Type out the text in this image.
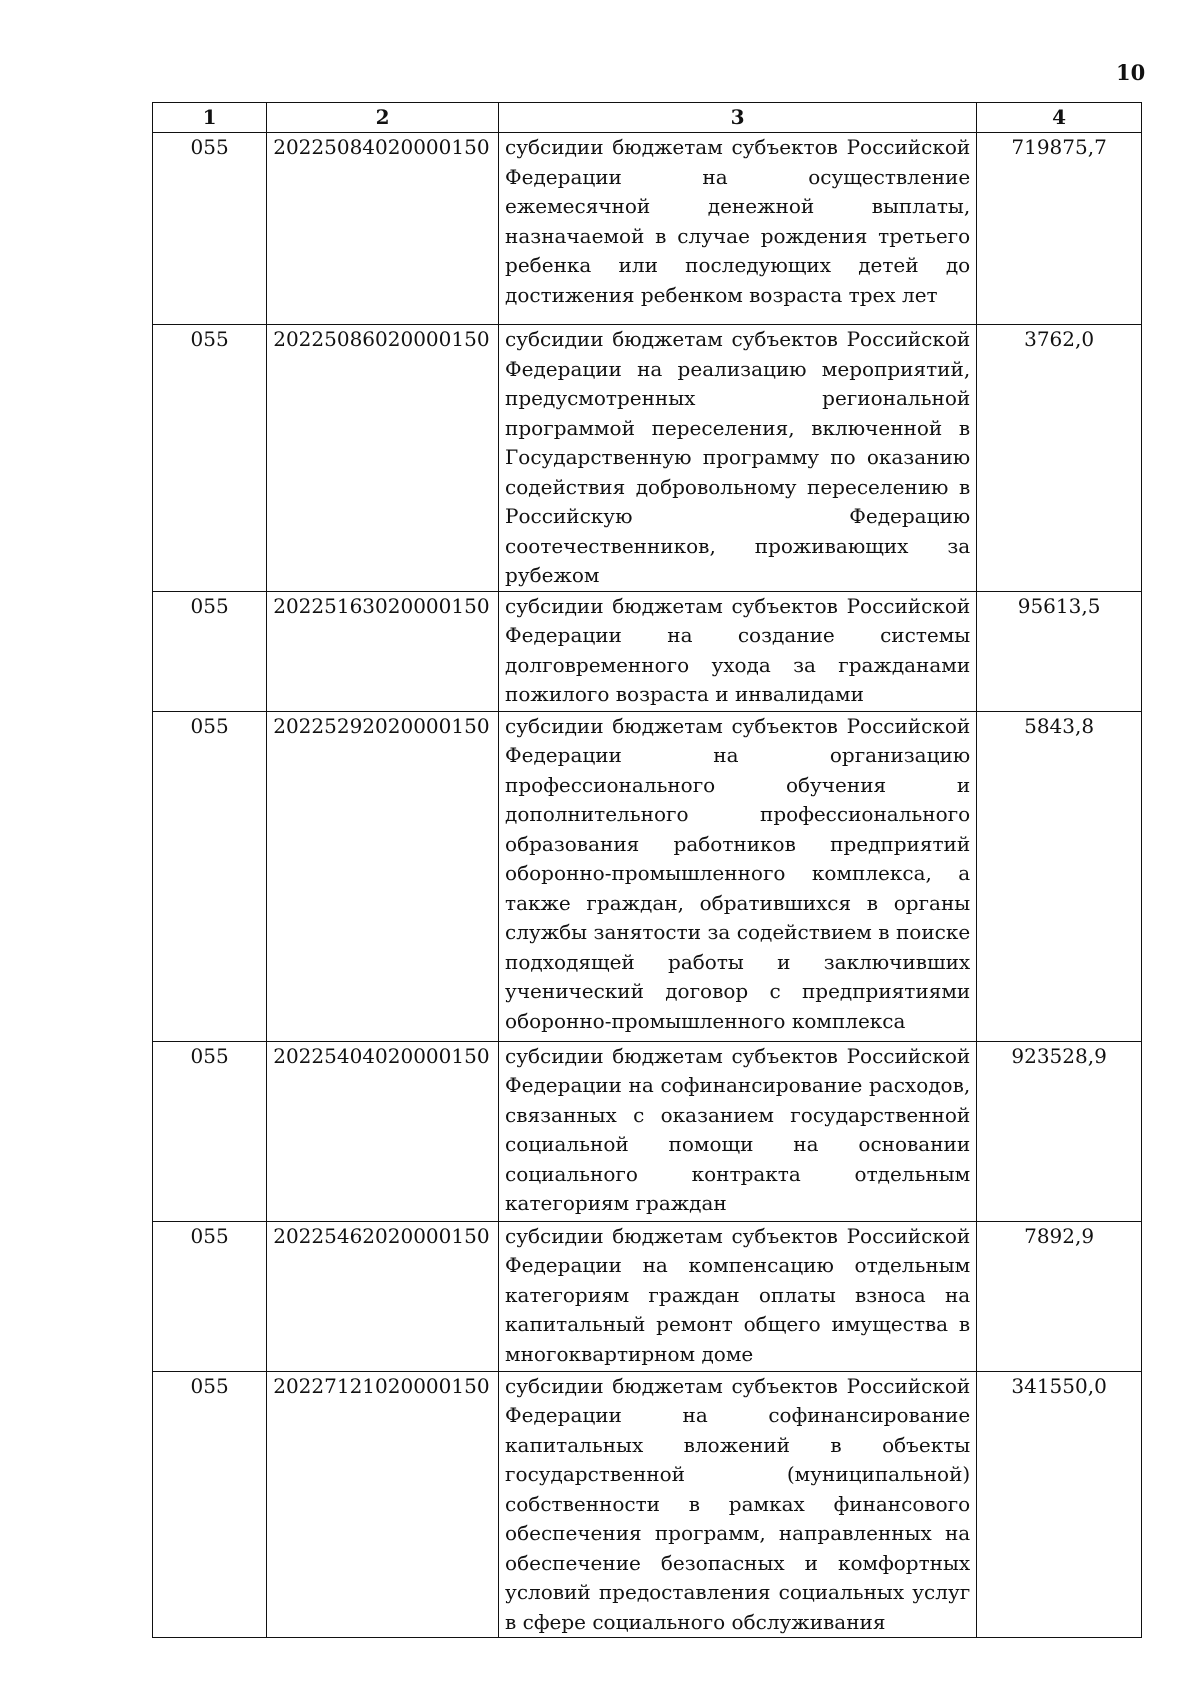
10
1	2	3	4
055	20225084020000150	субсидии бюджетам субъектов Российской Федерации на осуществление ежемесячной денежной выплаты, назначаемой в случае рождения третьего ребенка или последующих детей до достижения ребенком возраста трех лет	719875,7
055	20225086020000150	субсидии бюджетам субъектов Российской Федерации на реализацию мероприятий, предусмотренных региональной программой переселения, включенной в Государственную программу по оказанию содействия добровольному переселению в Российскую Федерацию соотечественников, проживающих за рубежом	3762,0
055	20225163020000150	субсидии бюджетам субъектов Российской Федерации на создание системы долговременного ухода за гражданами пожилого возраста и инвалидами	95613,5
055	20225292020000150	субсидии бюджетам субъектов Российской Федерации на организацию профессионального обучения и дополнительного профессионального образования работников предприятий оборонно-промышленного комплекса, а также граждан, обратившихся в органы службы занятости за содействием в поиске подходящей работы и заключивших ученический договор с предприятиями оборонно-промышленного комплекса	5843,8
055	20225404020000150	субсидии бюджетам субъектов Российской Федерации на софинансирование расходов, связанных с оказанием государственной социальной помощи на основании социального контракта отдельным категориям граждан	923528,9
055	20225462020000150	субсидии бюджетам субъектов Российской Федерации на компенсацию отдельным категориям граждан оплаты взноса на капитальный ремонт общего имущества в многоквартирном доме	7892,9
055	20227121020000150	субсидии бюджетам субъектов Российской Федерации на софинансирование капитальных вложений в объекты государственной (муниципальной) собственности в рамках финансового обеспечения программ, направленных на обеспечение безопасных и комфортных условий предоставления социальных услуг в сфере социального обслуживания	341550,0
